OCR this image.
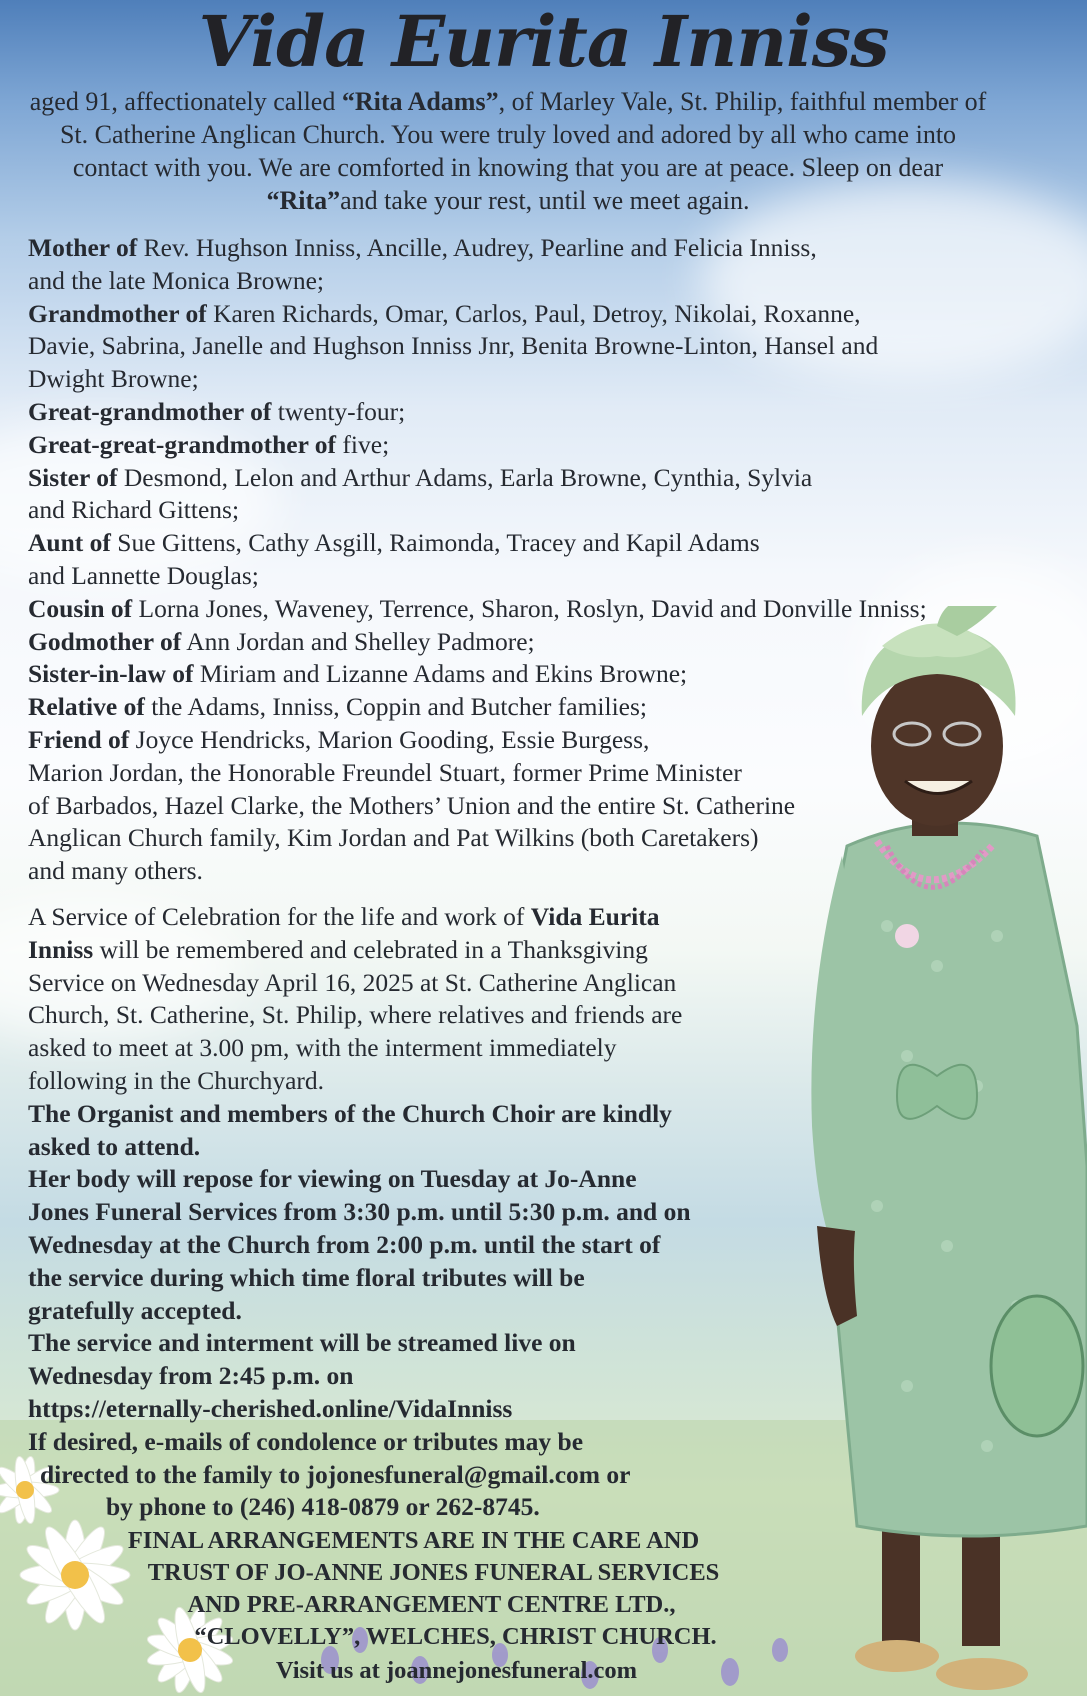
Vida Eurita Inniss

aged 91, affectionately called “Rita Adams”, of Marley Vale, St. Philip, faithful member of St. Catherine Anglican Church. You were truly loved and adored by all who came into contact with you. We are comforted in knowing that you are at peace. Sleep on dear “Rita”and take your rest, until we meet again.

Mother of Rev. Hughson Inniss, Ancille, Audrey, Pearline and Felicia Inniss,
and the late Monica Browne;
Grandmother of Karen Richards, Omar, Carlos, Paul, Detroy, Nikolai, Roxanne,
Davie, Sabrina, Janelle and Hughson Inniss Jnr, Benita Browne-Linton, Hansel and
Dwight Browne;
Great-grandmother of twenty-four;
Great-great-grandmother of five;
Sister of Desmond, Lelon and Arthur Adams, Earla Browne, Cynthia, Sylvia
and Richard Gittens;
Aunt of Sue Gittens, Cathy Asgill, Raimonda, Tracey and Kapil Adams
and Lannette Douglas;
Cousin of Lorna Jones, Waveney, Terrence, Sharon, Roslyn, David and Donville Inniss;
Godmother of Ann Jordan and Shelley Padmore;
Sister-in-law of Miriam and Lizanne Adams and Ekins Browne;
Relative of the Adams, Inniss, Coppin and Butcher families;
Friend of Joyce Hendricks, Marion Gooding, Essie Burgess,
Marion Jordan, the Honorable Freundel Stuart, former Prime Minister
of Barbados, Hazel Clarke, the Mothers’ Union and the entire St. Catherine
Anglican Church family, Kim Jordan and Pat Wilkins (both Caretakers)
and many others.
A Service of Celebration for the life and work of Vida Eurita
Inniss will be remembered and celebrated in a Thanksgiving
Service on Wednesday April 16, 2025 at St. Catherine Anglican
Church, St. Catherine, St. Philip, where relatives and friends are
asked to meet at 3.00 pm, with the interment immediately
following in the Churchyard.
The Organist and members of the Church Choir are kindly
asked to attend.
Her body will repose for viewing on Tuesday at Jo-Anne
Jones Funeral Services from 3:30 p.m. until 5:30 p.m. and on
Wednesday at the Church from 2:00 p.m. until the start of
the service during which time floral tributes will be
gratefully accepted.
The service and interment will be streamed live on
Wednesday from 2:45 p.m. on
https://eternally-cherished.online/VidaInniss
If desired, e-mails of condolence or tributes may be
directed to the family to jojonesfuneral@gmail.com or
by phone to (246) 418-0879 or 262-8745.
FINAL ARRANGEMENTS ARE IN THE CARE AND
TRUST OF JO-ANNE JONES FUNERAL SERVICES
AND PRE-ARRANGEMENT CENTRE LTD.,
“CLOVELLY”, WELCHES, CHRIST CHURCH.
Visit us at joannejonesfuneral.com
